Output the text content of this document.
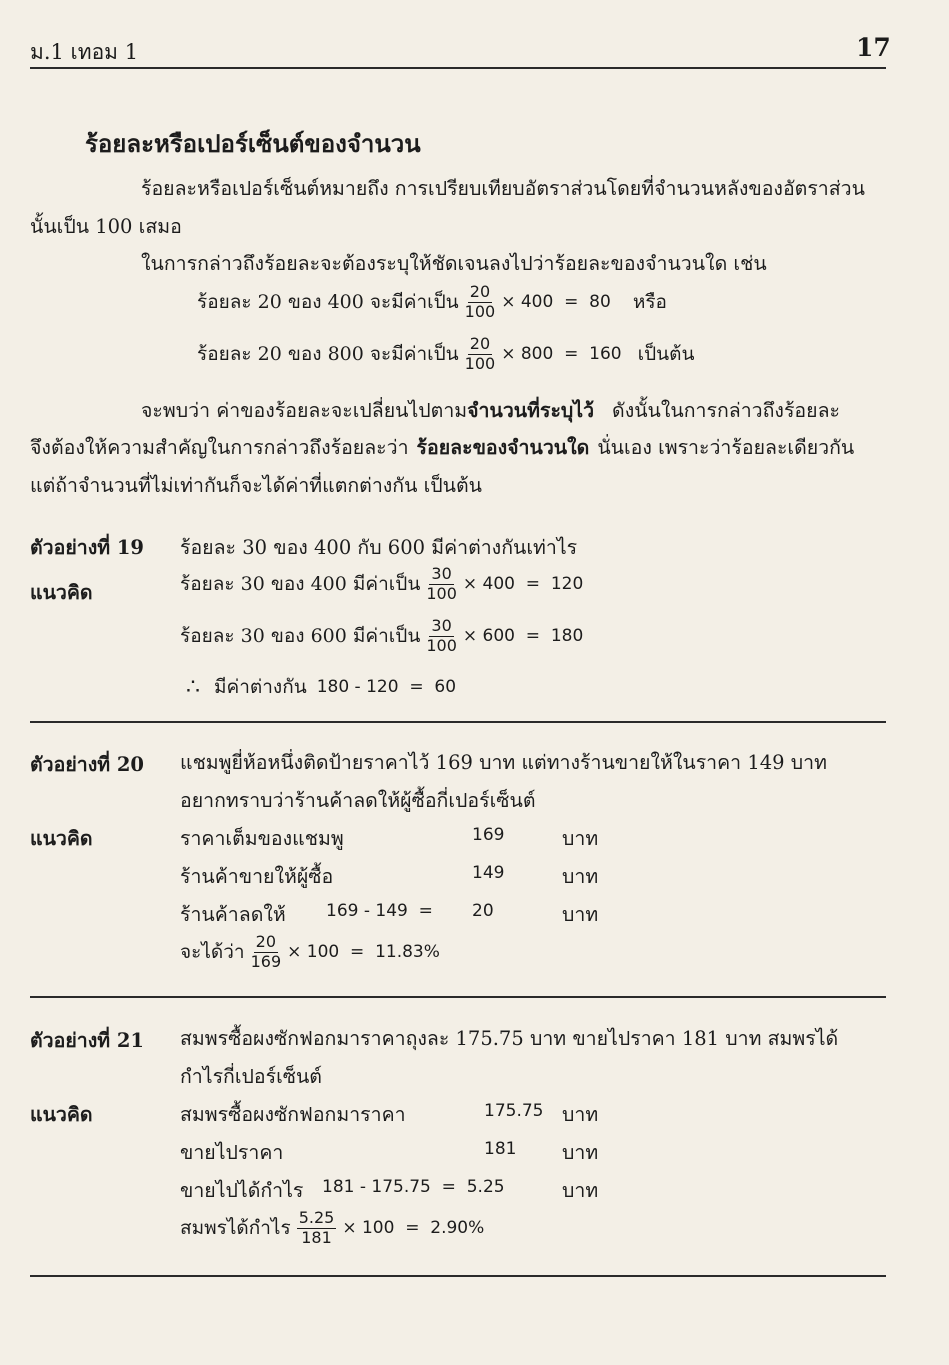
ม.1 เทอม 1	17
ร้อยละหรือเปอร์เซ็นต์ของจำนวน
ร้อยละหรือเปอร์เซ็นต์หมายถึง การเปรียบเทียบอัตราส่วนโดยที่จำนวนหลังของอัตราส่วน
นั้นเป็น 100 เสมอ
ในการกล่าวถึงร้อยละจะต้องระบุให้ชัดเจนลงไปว่าร้อยละของจำนวนใด เช่น
ร้อยละ 20 ของ 400 จะมีค่าเป็น $\frac{20}{100} \times 400 = 80$ หรือ
ร้อยละ 20 ของ 800 จะมีค่าเป็น $\frac{20}{100} \times 800 = 160$ เป็นต้น
จะพบว่า ค่าของร้อยละจะเปลี่ยนไปตามจำนวนที่ระบุไว้ ดังนั้นในการกล่าวถึงร้อยละ
จึงต้องให้ความสำคัญในการกล่าวถึงร้อยละว่า ร้อยละของจำนวนใด นั่นเอง เพราะว่าร้อยละเดียวกัน
แต่ถ้าจำนวนที่ไม่เท่ากันก็จะได้ค่าที่แตกต่างกัน เป็นต้น
ตัวอย่างที่ 19 ร้อยละ 30 ของ 400 กับ 600 มีค่าต่างกันเท่าไร
แนวคิด	ร้อยละ 30 ของ 400 มีค่าเป็น $\frac{30}{100} \times 400 = 120$
ร้อยละ 30 ของ 600 มีค่าเป็น $\frac{30}{100} \times 600 = 180$
∴ มีค่าต่างกัน 180 - 120  =  60
ตัวอย่างที่ 20 แชมพูยี่ห้อหนึ่งติดป้ายราคาไว้ 169 บาท แต่ทางร้านขายให้ในราคา 149 บาท
อยากทราบว่าร้านค้าลดให้ผู้ซื้อกี่เปอร์เซ็นต์
แนวคิด	ราคาเต็มของแชมพู	169	บาท
ร้านค้าขายให้ผู้ซื้อ	149	บาท
ร้านค้าลดให้ 169 - 149  = 20	บาท
จะได้ว่า $\frac{20}{169} \times 100 = 11.83\%$
ตัวอย่างที่ 21 สมพรซื้อผงซักฟอกมาราคาถุงละ 175.75 บาท ขายไปราคา 181 บาท สมพรได้
กำไรกี่เปอร์เซ็นต์
แนวคิด	สมพรซื้อผงซักฟอกมาราคา	175.75 บาท
ขายไปราคา	181 บาท
ขายไปได้กำไร 181 - 175.75  =  5.25	บาท
สมพรได้กำไร $\frac{5.25}{181} \times 100 = 2.90\%$
